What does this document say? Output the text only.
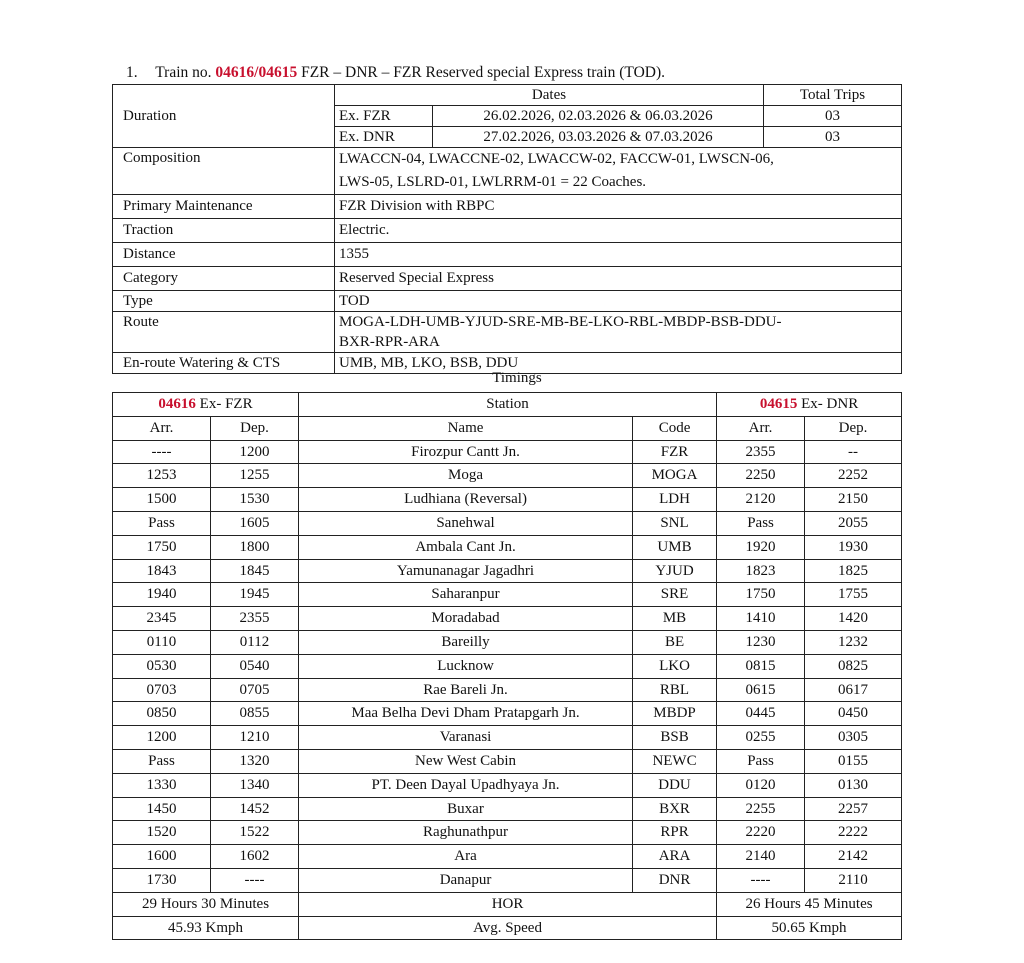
1. Train no. 04616/04615 FZR – DNR – FZR Reserved special Express train (TOD).
Duration	Dates		Total Trips
	Ex. FZR	26.02.2026, 02.03.2026 & 06.03.2026	03
	Ex. DNR	27.02.2026, 03.03.2026 & 07.03.2026	03
Composition	LWACCN-04, LWACCNE-02, LWACCW-02, FACCW-01, LWSCN-06,
LWS-05, LSLRD-01, LWLRRM-01 = 22 Coaches.		

Primary Maintenance	FZR Division with RBPC		
Traction	Electric.		
Distance	1355		
Category	Reserved Special Express		
Type	TOD		
Route	MOGA-LDH-UMB-YJUD-SRE-MB-BE-LKO-RBL-MBDP-BSB-DDU-
BXR-RPR-ARA		

En-route Watering & CTS	UMB, MB, LKO, BSB, DDU		
Timings
04616 Ex- FZR		Station		04615 Ex- DNR	
Arr.	Dep.	Name	Code	Arr.	Dep.
----	1200	Firozpur Cantt Jn.	FZR	2355	--
1253	1255	Moga	MOGA	2250	2252
1500	1530	Ludhiana (Reversal)	LDH	2120	2150
Pass	1605	Sanehwal	SNL	Pass	2055
1750	1800	Ambala Cant Jn.	UMB	1920	1930
1843	1845	Yamunanagar Jagadhri	YJUD	1823	1825
1940	1945	Saharanpur	SRE	1750	1755
2345	2355	Moradabad	MB	1410	1420
0110	0112	Bareilly	BE	1230	1232
0530	0540	Lucknow	LKO	0815	0825
0703	0705	Rae Bareli Jn.	RBL	0615	0617
0850	0855	Maa Belha Devi Dham Pratapgarh Jn.	MBDP	0445	0450
1200	1210	Varanasi	BSB	0255	0305
Pass	1320	New West Cabin	NEWC	Pass	0155
1330	1340	PT. Deen Dayal Upadhyaya Jn.	DDU	0120	0130
1450	1452	Buxar	BXR	2255	2257
1520	1522	Raghunathpur	RPR	2220	2222
1600	1602	Ara	ARA	2140	2142
1730	----	Danapur	DNR	----	2110
29 Hours 30 Minutes		HOR		26 Hours 45 Minutes	
45.93 Kmph		Avg. Speed		50.65 Kmph	
